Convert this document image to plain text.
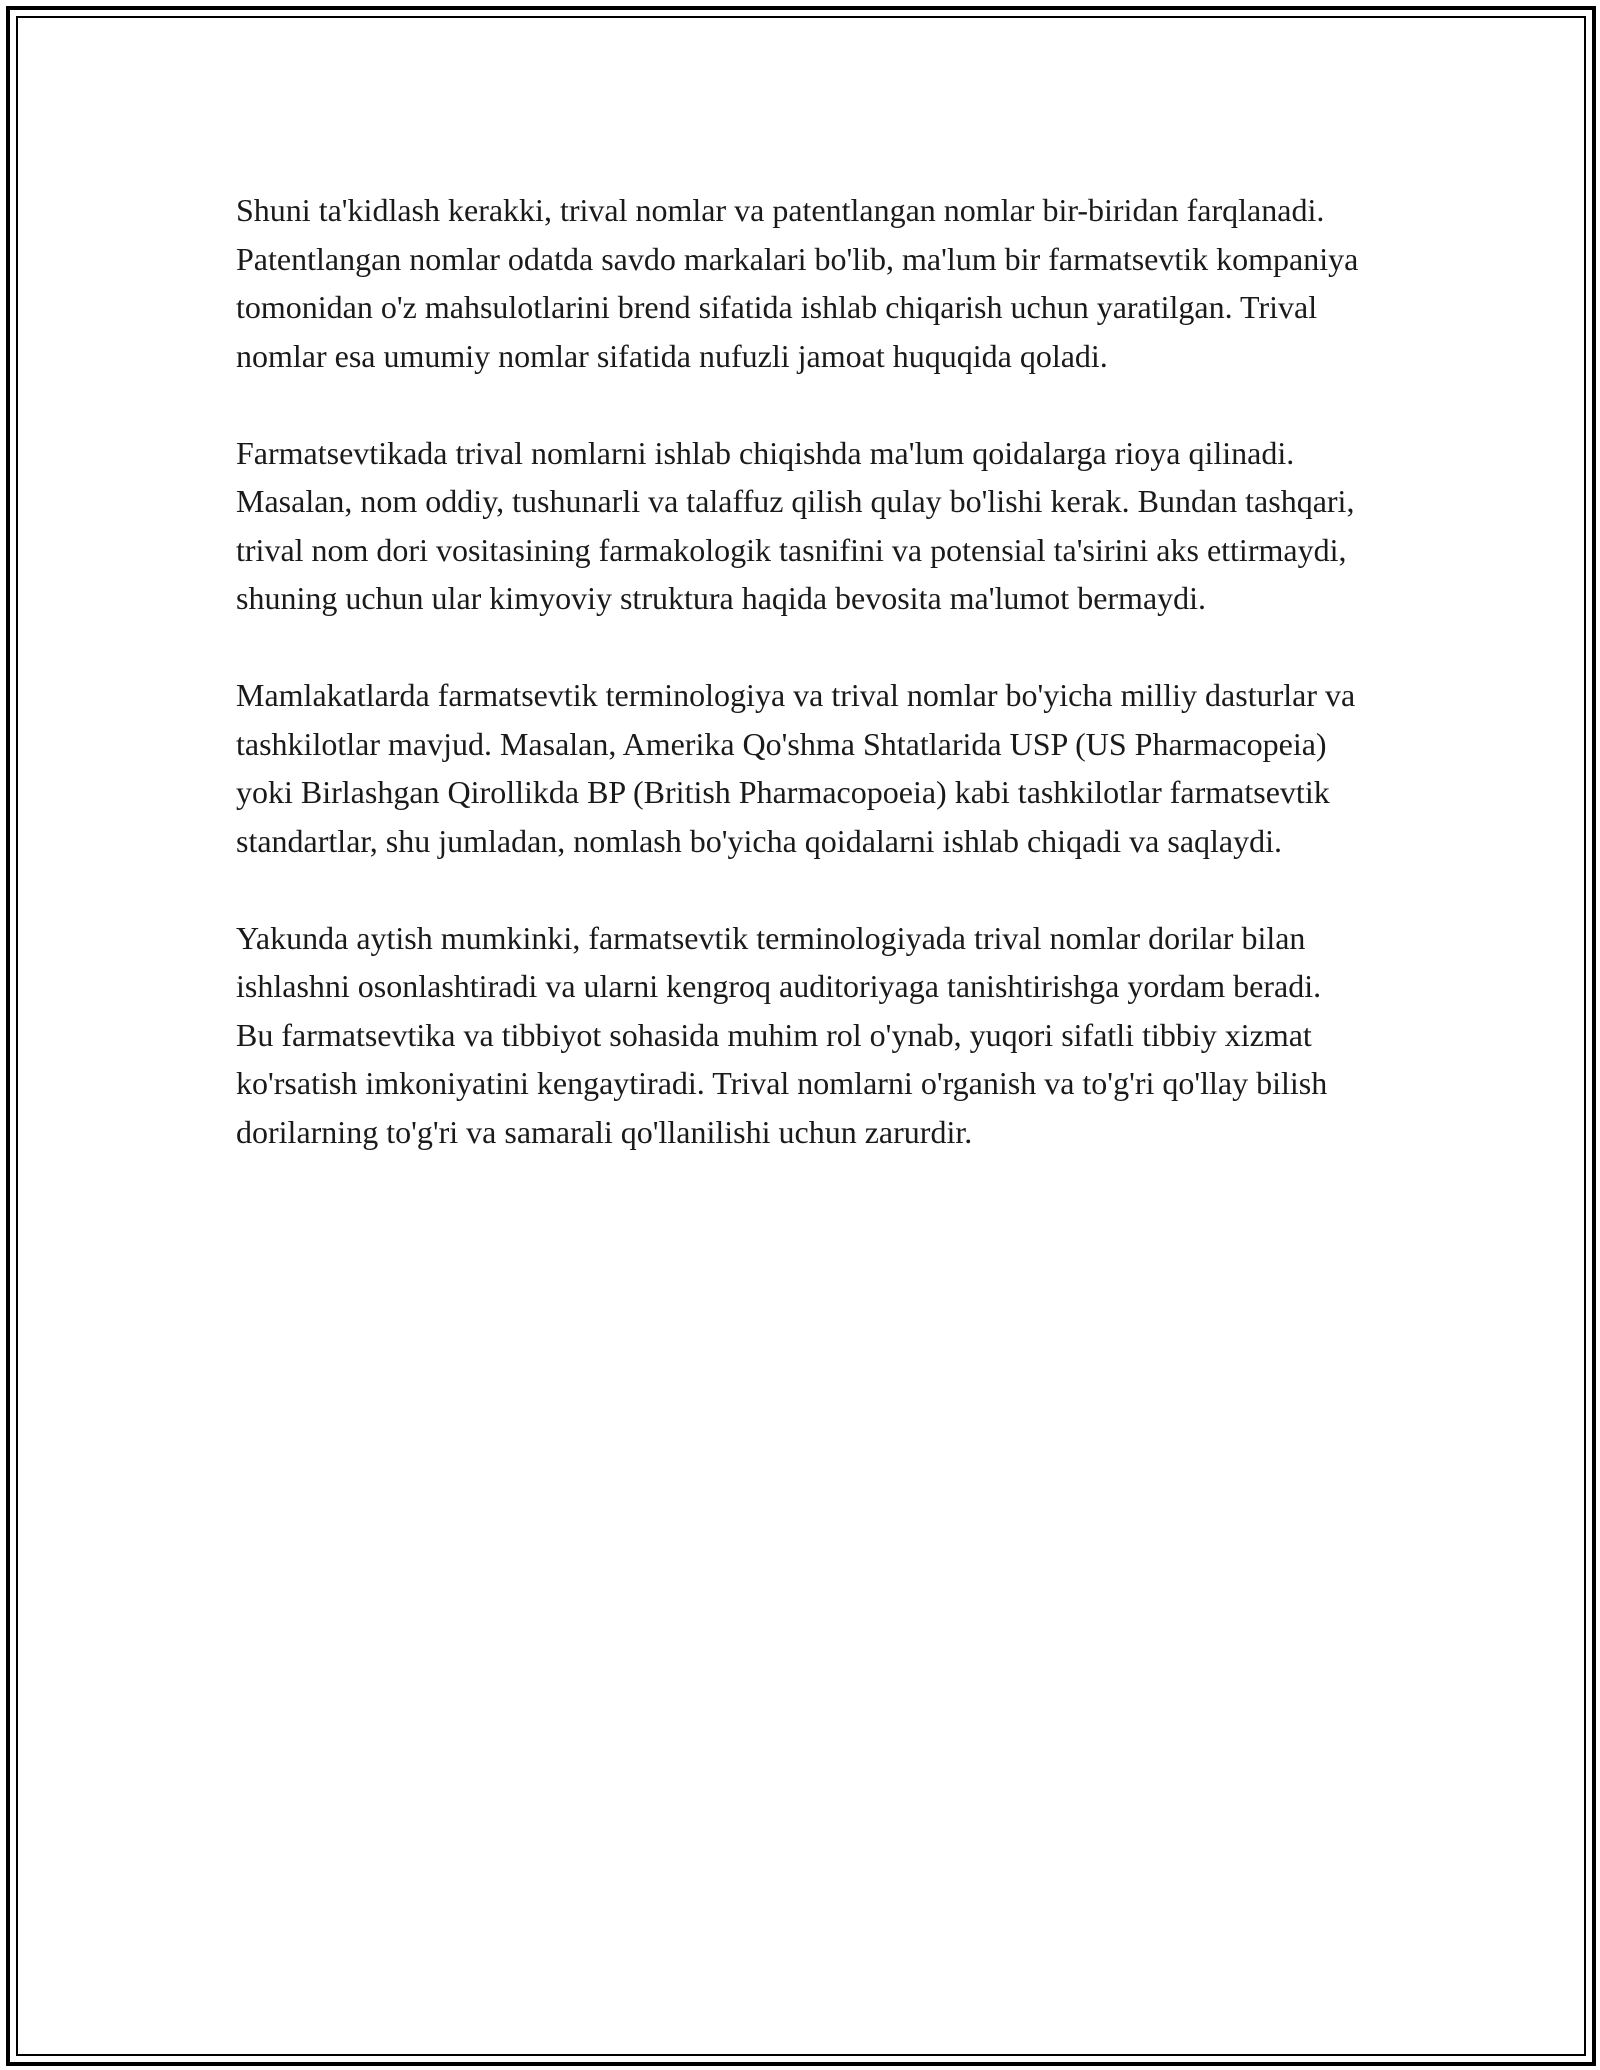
Shuni ta'kidlash kerakki, trival nomlar va patentlangan nomlar bir-biridan farqlanadi. Patentlangan nomlar odatda savdo markalari bo'lib, ma'lum bir farmatsevtik kompaniya tomonidan o'z mahsulotlarini brend sifatida ishlab chiqarish uchun yaratilgan. Trival nomlar esa umumiy nomlar sifatida nufuzli jamoat huquqida qoladi.

Farmatsevtikada trival nomlarni ishlab chiqishda ma'lum qoidalarga rioya qilinadi. Masalan, nom oddiy, tushunarli va talaffuz qilish qulay bo'lishi kerak. Bundan tashqari, trival nom dori vositasining farmakologik tasnifini va potensial ta'sirini aks ettirmaydi, shuning uchun ular kimyoviy struktura haqida bevosita ma'lumot bermaydi.

Mamlakatlarda farmatsevtik terminologiya va trival nomlar bo'yicha milliy dasturlar va tashkilotlar mavjud. Masalan, Amerika Qo'shma Shtatlarida USP (US Pharmacopeia) yoki Birlashgan Qirollikda BP (British Pharmacopoeia) kabi tashkilotlar farmatsevtik standartlar, shu jumladan, nomlash bo'yicha qoidalarni ishlab chiqadi va saqlaydi.

Yakunda aytish mumkinki, farmatsevtik terminologiyada trival nomlar dorilar bilan ishlashni osonlashtiradi va ularni kengroq auditoriyaga tanishtirishga yordam beradi. Bu farmatsevtika va tibbiyot sohasida muhim rol o'ynab, yuqori sifatli tibbiy xizmat ko'rsatish imkoniyatini kengaytiradi. Trival nomlarni o'rganish va to'g'ri qo'llay bilish dorilarning to'g'ri va samarali qo'llanilishi uchun zarurdir.
